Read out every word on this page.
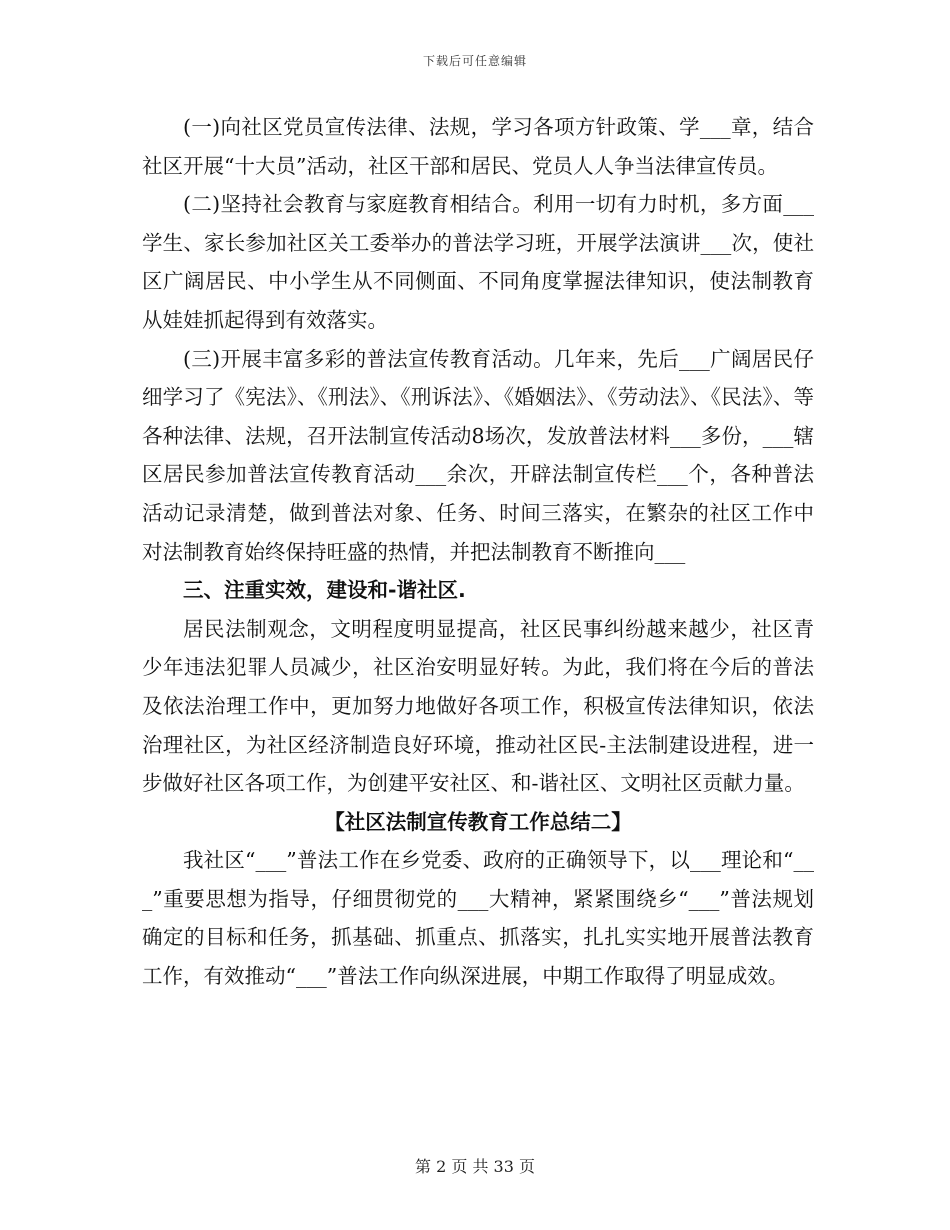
下载后可任意编辑

(一)向社区党员宣传法律、法规，学习各项方针政策、学___章，结合社区开展“十大员”活动，社区干部和居民、党员人人争当法律宣传员。

(二)坚持社会教育与家庭教育相结合。利用一切有力时机，多方面___学生、家长参加社区关工委举办的普法学习班，开展学法演讲___次，使社区广阔居民、中小学生从不同侧面、不同角度掌握法律知识，使法制教育从娃娃抓起得到有效落实。

(三)开展丰富多彩的普法宣传教育活动。几年来，先后___广阔居民仔细学习了《宪法》、《刑法》、《刑诉法》、《婚姻法》、《劳动法》、《民法》、等各种法律、法规，召开法制宣传活动8场次，发放普法材料___多份，___辖区居民参加普法宣传教育活动___余次，开辟法制宣传栏___个，各种普法活动记录清楚，做到普法对象、任务、时间三落实，在繁杂的社区工作中对法制教育始终保持旺盛的热情，并把法制教育不断推向___

三、注重实效，建设和-谐社区.

居民法制观念，文明程度明显提高，社区民事纠纷越来越少，社区青少年违法犯罪人员减少，社区治安明显好转。为此，我们将在今后的普法及依法治理工作中，更加努力地做好各项工作，积极宣传法律知识，依法治理社区，为社区经济制造良好环境，推动社区民-主法制建设进程，进一步做好社区各项工作，为创建平安社区、和-谐社区、文明社区贡献力量。

【社区法制宣传教育工作总结二】

我社区“___”普法工作在乡党委、政府的正确领导下，以___理论和“___”重要思想为指导，仔细贯彻党的___大精神，紧紧围绕乡“___”普法规划确定的目标和任务，抓基础、抓重点、抓落实，扎扎实实地开展普法教育工作，有效推动“___”普法工作向纵深进展，中期工作取得了明显成效。

第 2 页 共 33 页
